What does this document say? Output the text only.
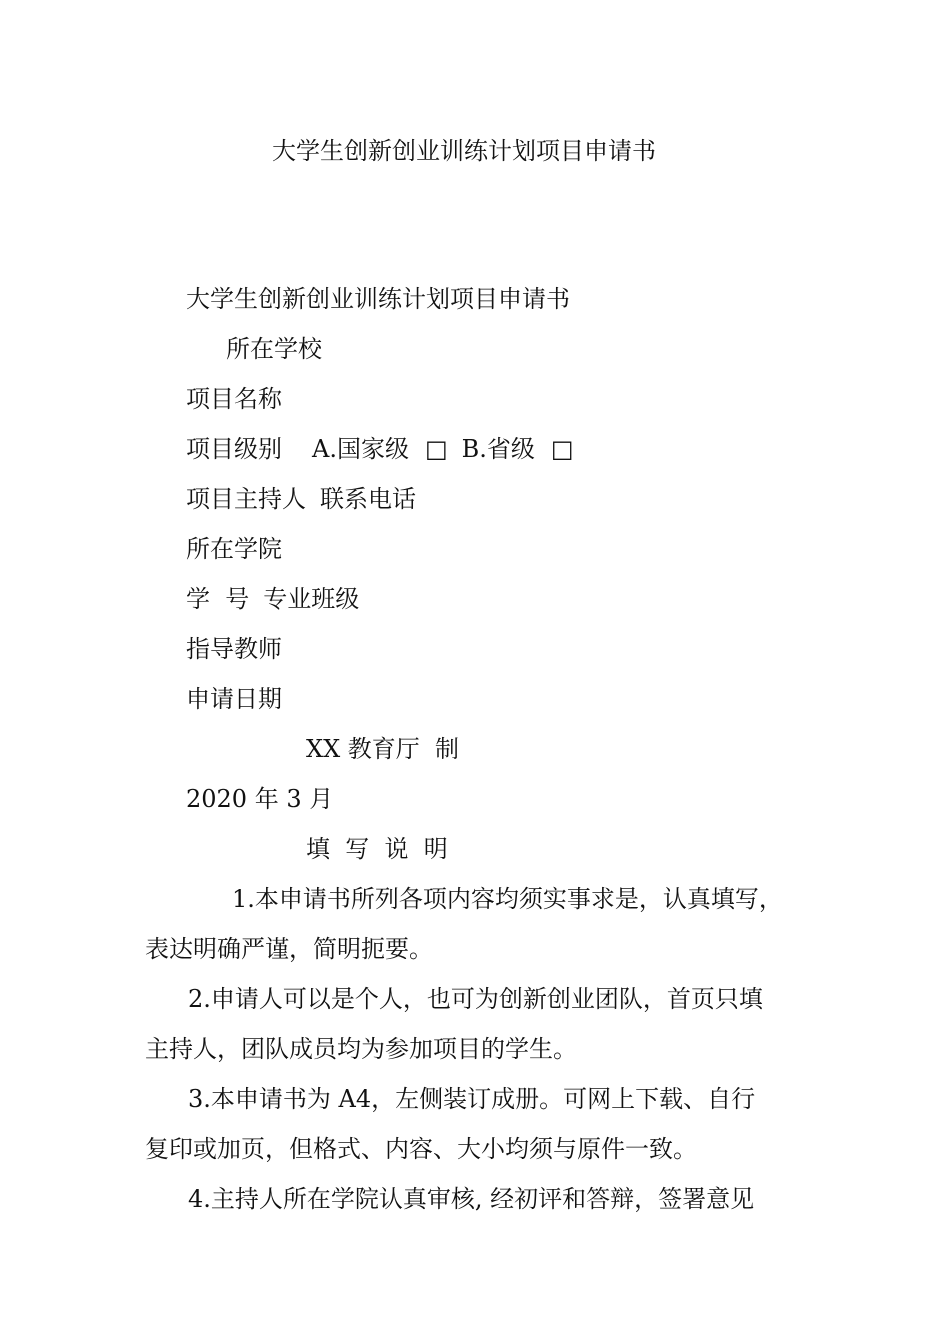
大学生创新创业训练计划项目申请书
大学生创新创业训练计划项目申请书
所在学校
项目名称
项目级别 A.国家级 □ B.省级 □
项目主持人 联系电话
所在学院
学  号 专业班级
指导教师
申请日期
XX 教育厅  制
2020 年 3 月
填  写  说  明
1.本申请书所列各项内容均须实事求是，认真填写，
表达明确严谨，简明扼要。
2.申请人可以是个人，也可为创新创业团队，首页只填
主持人，团队成员均为参加项目的学生。
3.本申请书为 A4，左侧装订成册。可网上下载、自行
复印或加页，但格式、内容、大小均须与原件一致。
4.主持人所在学院认真审核, 经初评和答辩，签署意见
